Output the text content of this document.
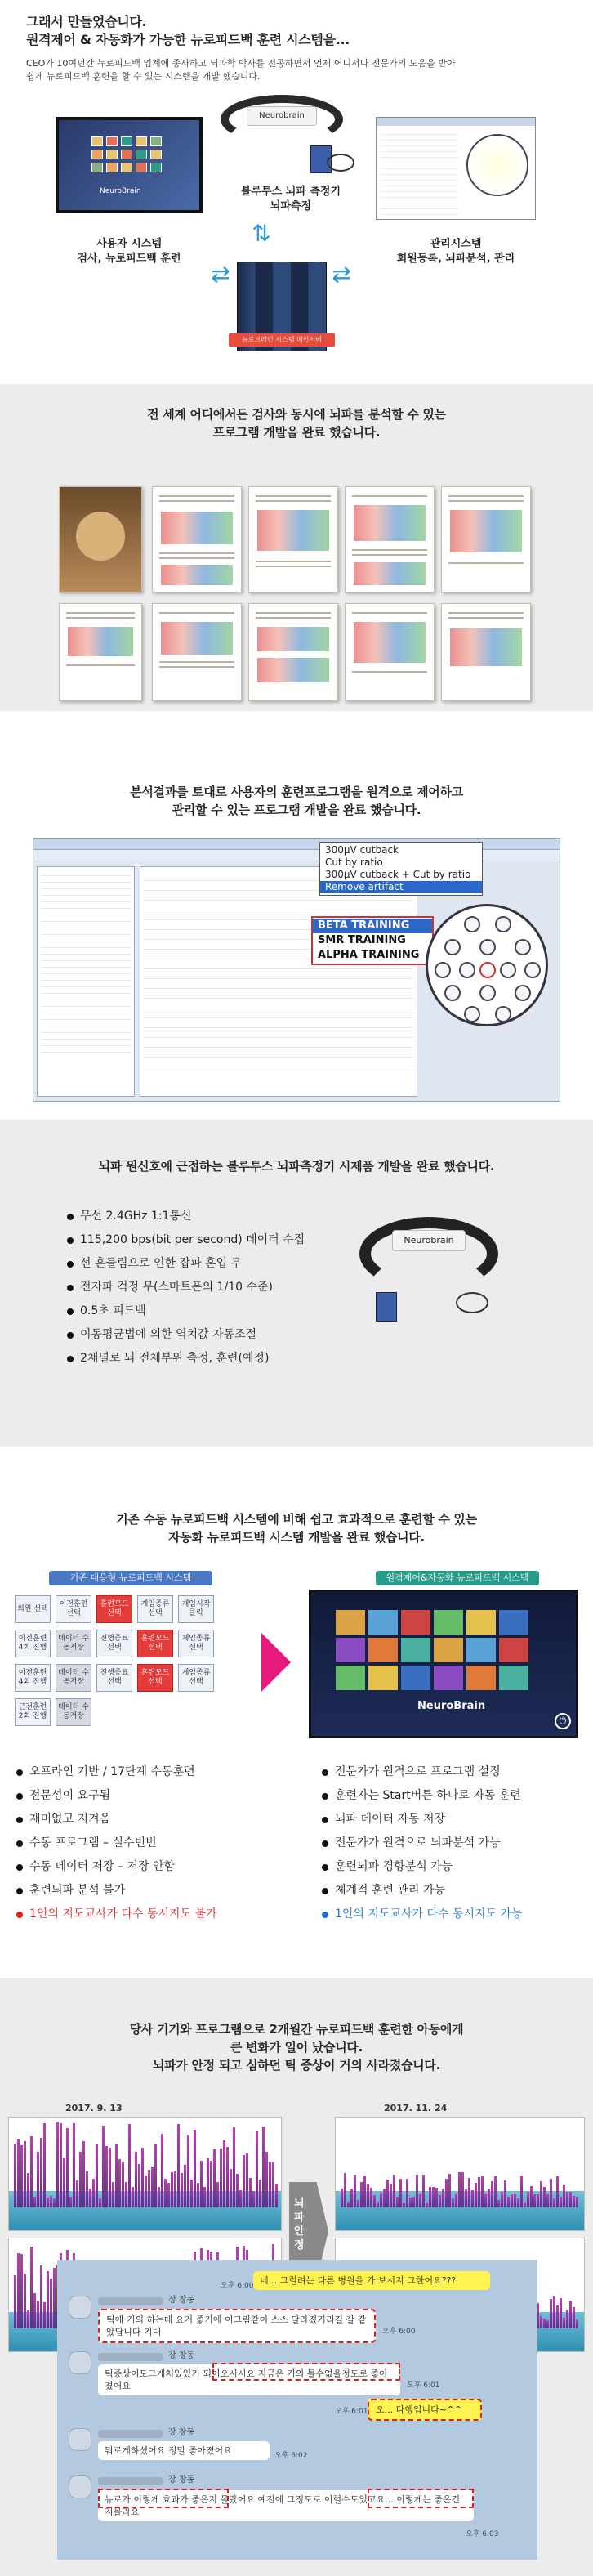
그래서 만들었습니다.
원격제어 & 자동화가 가능한 뉴로피드백 훈련 시스템을...
CEO가 10여년간 뉴로피드백 업계에 종사하고 뇌과학 박사를 전공하면서 언제 어디서나 전문가의 도움을 받아
쉽게 뉴로피드백 훈련을 할 수 있는 시스템을 개발 했습니다.
Neurobrain
블루투스 뇌파 측정기
뇌파측정
NeuroBrain
사용자 시스템
검사, 뉴로피드백 훈련
관리시스템
회원등록, 뇌파분석, 관리
⇅
⇄	⇄
뉴로브레인 시스템 메인서버
전 세계 어디에서든 검사와 동시에 뇌파를 분석할 수 있는
프로그램 개발을 완료 했습니다.
분석결과를 토대로 사용자의 훈련프로그램을 원격으로 제어하고
관리할 수 있는 프로그램 개발을 완료 했습니다.
300µV cutback
Cut by ratio
300µV cutback + Cut by ratio
Remove artifact
BETA TRAINING
SMR TRAINING
ALPHA TRAINING
뇌파 원신호에 근접하는 블루투스 뇌파측정기 시제품 개발을 완료 했습니다.
무선 2.4GHz 1:1통신
115,200 bps(bit per second) 데이터 수집
선 흔들림으로 인한 잡파 혼입 무
전자파 걱정 무(스마트폰의 1/10 수준)
0.5초 피드백
이동평균법에 의한 역치값 자동조절
2채널로 뇌 전체부위 측정, 훈련(예정)
Neurobrain
기존 수동 뉴로피드백 시스템에 비해 쉽고 효과적으로 훈련할 수 있는
자동화 뉴로피드백 시스템 개발을 완료 했습니다.
기존 대응형 뉴로피드백 시스템
회원 선택
이전훈련 선택
훈련모드 선택
게임종류 선택
게임시작 클릭
이전훈련 4회 진행
데이터 수동저장
진행종료 선택
훈련모드 선택
게임종류 선택
이전훈련 4회 진행
데이터 수동저장
진행종료 선택
훈련모드 선택
게임종류 선택
근전훈련 2회 진행
데이터 수동저장
원격제어&자동화 뉴로피드백 시스템
NeuroBrain
⏻
오프라인 기반 / 17단계 수동훈련
전문성이 요구됨
재미없고 지겨움
수동 프로그램 – 실수빈번
수동 데이터 저장 – 저장 안함
훈련뇌파 분석 불가
1인의 지도교사가 다수 동시지도 불가
전문가가 원격으로 프로그램 설정
훈련자는 Start버튼 하나로 자동 훈련
뇌파 데이터 자동 저장
전문가가 원격으로 뇌파분석 가능
훈련뇌파 경향분석 가능
체계적 훈련 관리 가능
1인의 지도교사가 다수 동시지도 가능
당사 기기와 프로그램으로 2개월간 뉴로피드백 훈련한 아동에게
큰 변화가 일어 났습니다.
뇌파가 안정 되고 심하던 틱 증상이 거의 사라졌습니다.
2017. 9. 13	2017. 11. 24
뇌파안정
네... 그럴려는 다른 병원을 가 보시지 그한어요???
오후 6:00
장 창동
틱에 거의 하는데 요거 좋기에 이그림같이 스스 달라졌거리길 잘 같았답니다 기대	오후 6:00
장 창동
틱증상이도그게처있있기 되어오시시요 지금은 거의 틀수없을정도로 좋아졌어요	오후 6:01
오... 다행입니다~^^
오후 6:01
장 창동
뭐로게하셨어요 정말 좋아졌어요	오후 6:02
장 창동
뉴로가 이렇게 효과가 좋은지 몰랐어요 예전에 그정도로 이럴수도있고요... 이렇게는 좋은건지몰라요
오후 6:03
